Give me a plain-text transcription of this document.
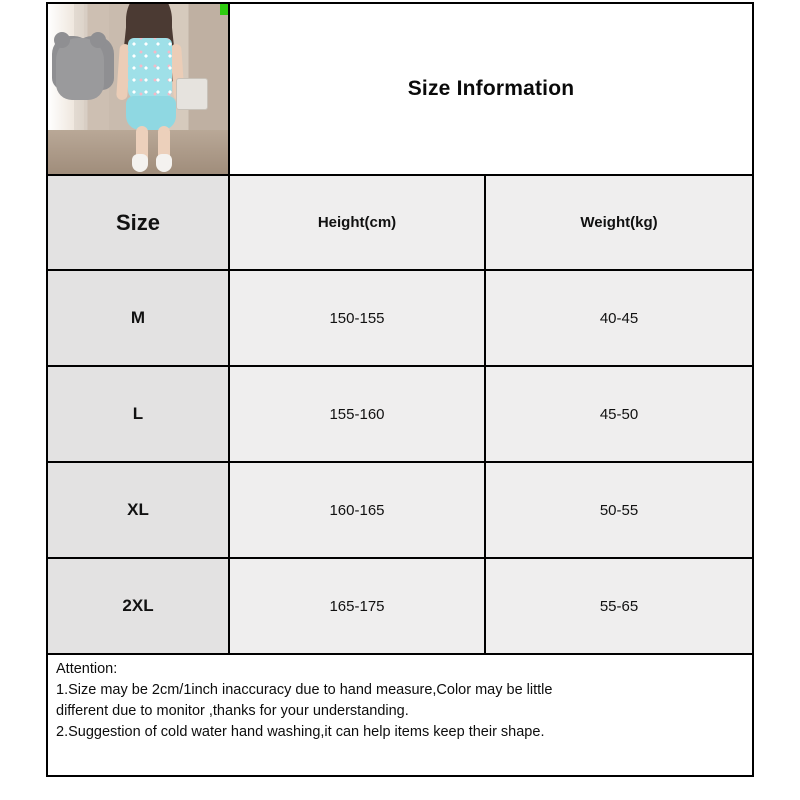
Size Information
Size	Height(cm)	Weight(kg)
M	150-155	40-45
L	155-160	45-50
XL	160-165	50-55
2XL	165-175	55-65

Attention:

1.Size may be 2cm/1inch inaccuracy due to hand measure,Color may be little

different due to monitor ,thanks for your understanding.

2.Suggestion of cold water hand washing,it can help items keep their shape.
